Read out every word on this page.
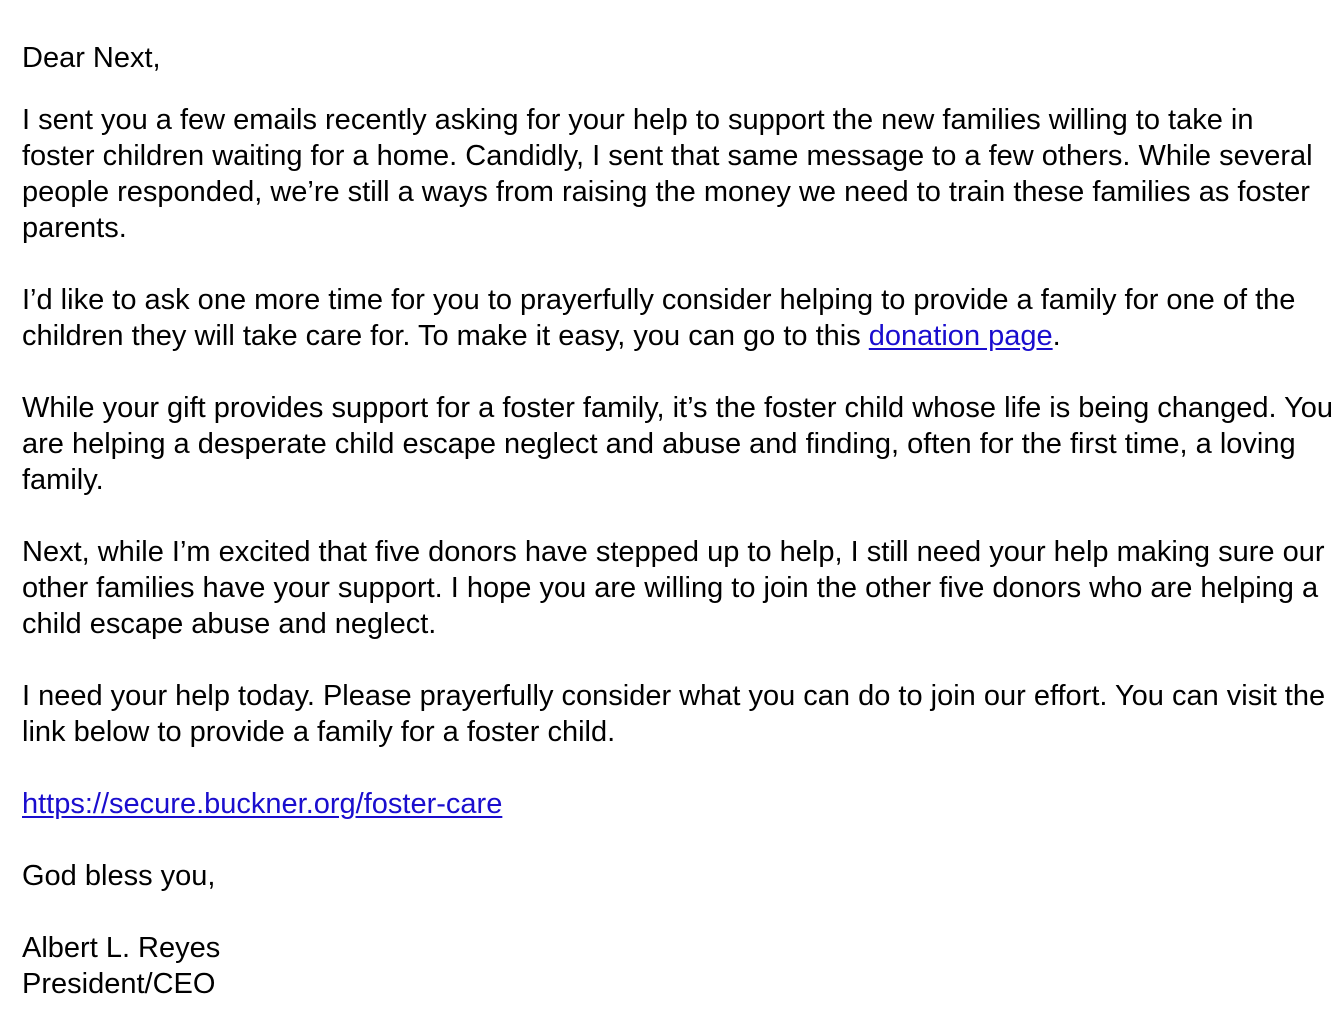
Dear Next,

I sent you a few emails recently asking for your help to support the new families willing to take in foster children waiting for a home. Candidly, I sent that same message to a few others. While several people responded, we’re still a ways from raising the money we need to train these families as foster parents.

I’d like to ask one more time for you to prayerfully consider helping to provide a family for one of the children they will take care for. To make it easy, you can go to this donation page.

While your gift provides support for a foster family, it’s the foster child whose life is being changed. You are helping a desperate child escape neglect and abuse and finding, often for the first time, a loving family.

Next, while I’m excited that five donors have stepped up to help, I still need your help making sure our other families have your support. I hope you are willing to join the other five donors who are helping a child escape abuse and neglect.

I need your help today. Please prayerfully consider what you can do to join our effort. You can visit the link below to provide a family for a foster child.

https://secure.buckner.org/foster-care

God bless you,

Albert L. Reyes
President/CEO
